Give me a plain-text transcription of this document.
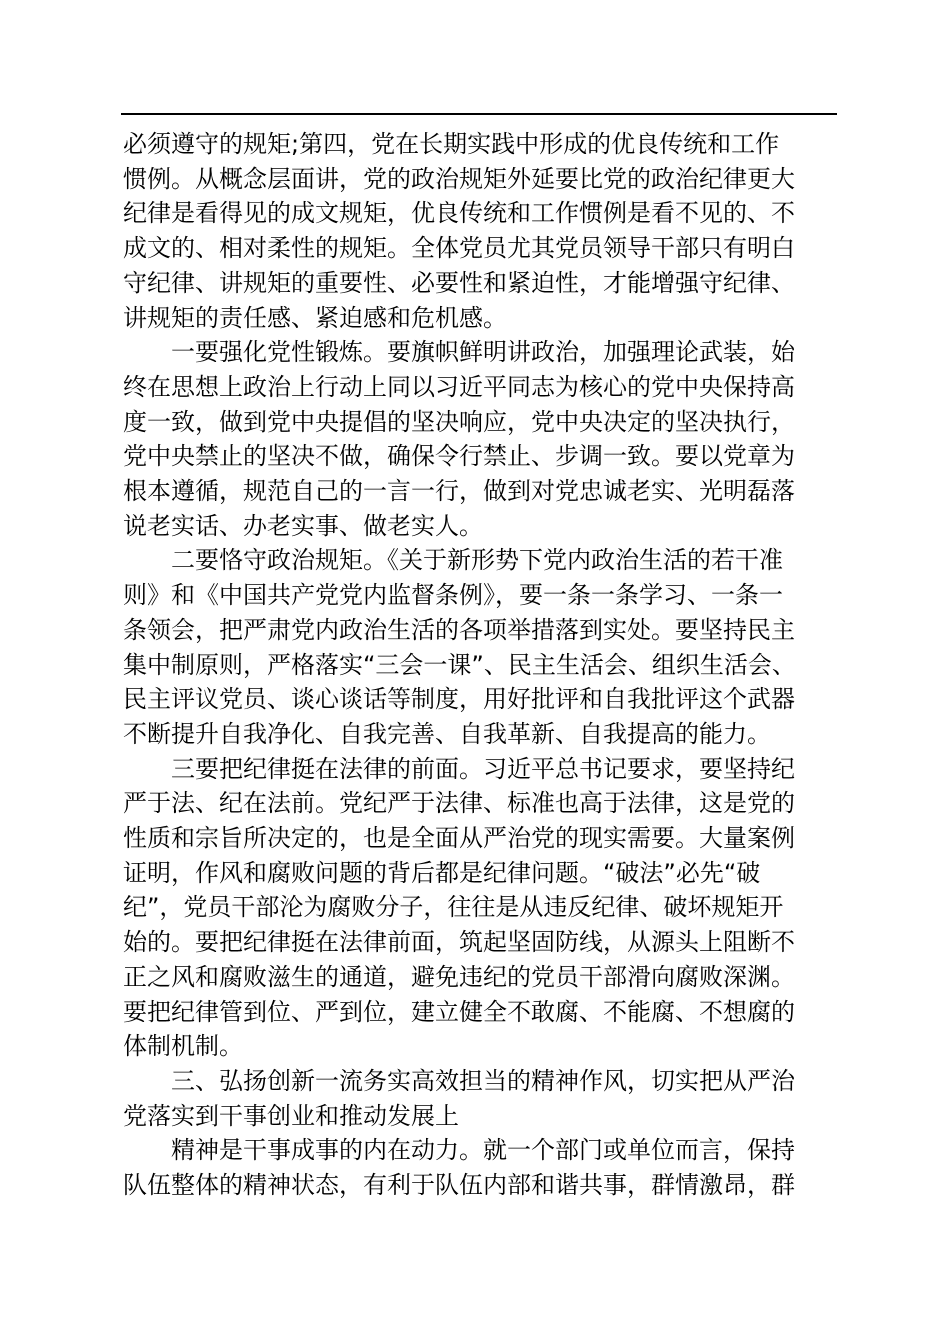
必须遵守的规矩;第四，党在长期实践中形成的优良传统和工作
惯例。从概念层面讲，党的政治规矩外延要比党的政治纪律更大
纪律是看得见的成文规矩，优良传统和工作惯例是看不见的、不
成文的、相对柔性的规矩。全体党员尤其党员领导干部只有明白
守纪律、讲规矩的重要性、必要性和紧迫性，才能增强守纪律、
讲规矩的责任感、紧迫感和危机感。
一要强化党性锻炼。要旗帜鲜明讲政治，加强理论武装，始
终在思想上政治上行动上同以习近平同志为核心的党中央保持高
度一致，做到党中央提倡的坚决响应，党中央决定的坚决执行，
党中央禁止的坚决不做，确保令行禁止、步调一致。要以党章为
根本遵循，规范自己的一言一行，做到对党忠诚老实、光明磊落
说老实话、办老实事、做老实人。
二要恪守政治规矩。《关于新形势下党内政治生活的若干准
则》和《中国共产党党内监督条例》，要一条一条学习、一条一
条领会，把严肃党内政治生活的各项举措落到实处。要坚持民主
集中制原则，严格落实“三会一课”、民主生活会、组织生活会、
民主评议党员、谈心谈话等制度，用好批评和自我批评这个武器
不断提升自我净化、自我完善、自我革新、自我提高的能力。
三要把纪律挺在法律的前面。习近平总书记要求，要坚持纪
严于法、纪在法前。党纪严于法律、标准也高于法律，这是党的
性质和宗旨所决定的，也是全面从严治党的现实需要。大量案例
证明，作风和腐败问题的背后都是纪律问题。“破法”必先“破
纪”，党员干部沦为腐败分子，往往是从违反纪律、破坏规矩开
始的。要把纪律挺在法律前面，筑起坚固防线，从源头上阻断不
正之风和腐败滋生的通道，避免违纪的党员干部滑向腐败深渊。
要把纪律管到位、严到位，建立健全不敢腐、不能腐、不想腐的
体制机制。
三、弘扬创新一流务实高效担当的精神作风，切实把从严治
党落实到干事创业和推动发展上
精神是干事成事的内在动力。就一个部门或单位而言，保持
队伍整体的精神状态，有利于队伍内部和谐共事，群情激昂，群
